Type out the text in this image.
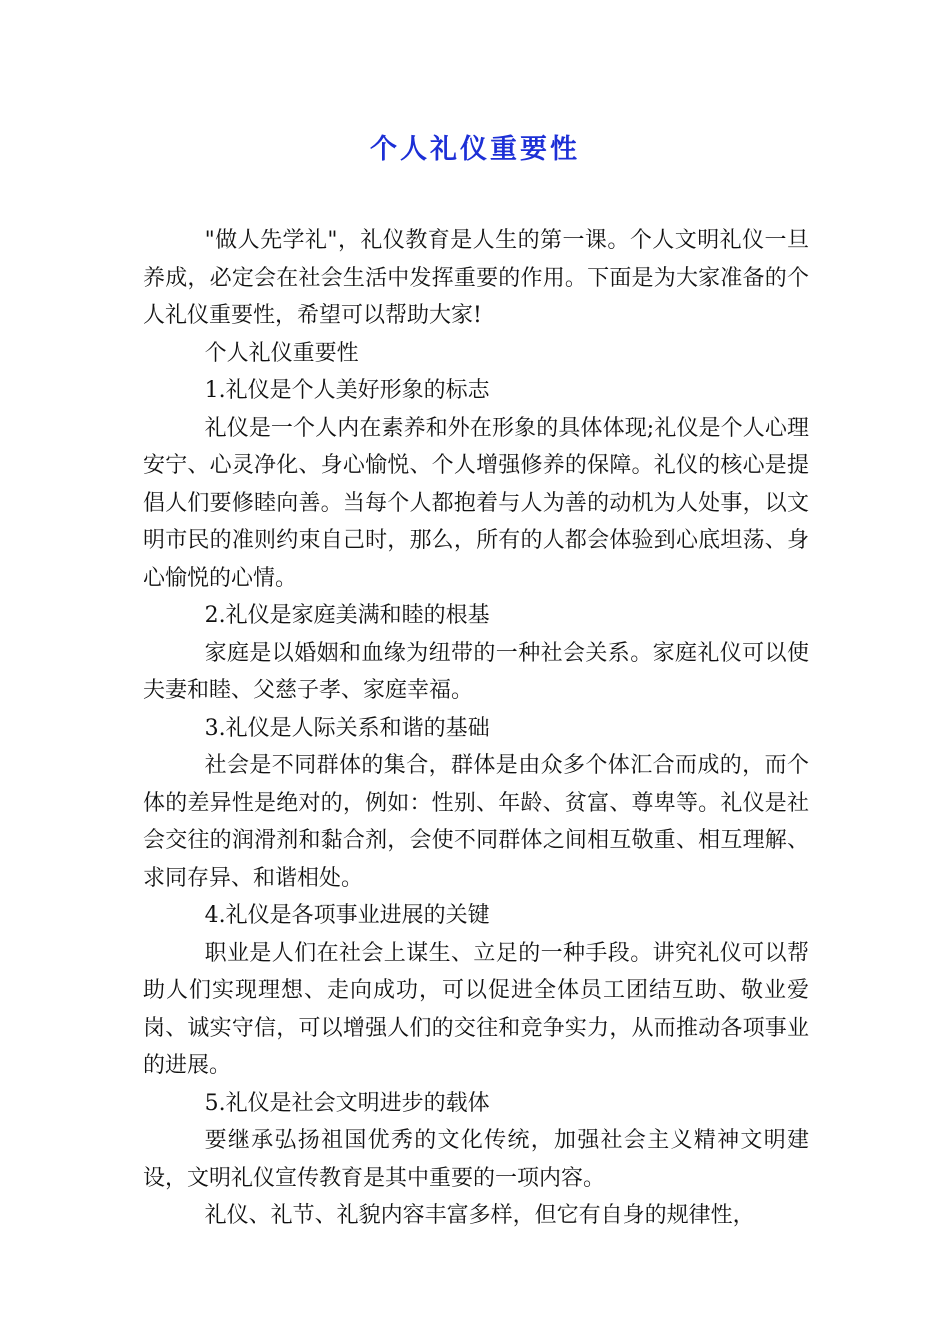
个人礼仪重要性

"做人先学礼"，礼仪教育是人生的第一课。个人文明礼仪一旦养成，必定会在社会生活中发挥重要的作用。下面是为大家准备的个人礼仪重要性，希望可以帮助大家!

个人礼仪重要性

1.礼仪是个人美好形象的标志

礼仪是一个人内在素养和外在形象的具体体现;礼仪是个人心理安宁、心灵净化、身心愉悦、个人增强修养的保障。礼仪的核心是提倡人们要修睦向善。当每个人都抱着与人为善的动机为人处事，以文明市民的准则约束自己时，那么，所有的人都会体验到心底坦荡、身心愉悦的心情。

2.礼仪是家庭美满和睦的根基

家庭是以婚姻和血缘为纽带的一种社会关系。家庭礼仪可以使夫妻和睦、父慈子孝、家庭幸福。

3.礼仪是人际关系和谐的基础

社会是不同群体的集合，群体是由众多个体汇合而成的，而个体的差异性是绝对的，例如：性别、年龄、贫富、尊卑等。礼仪是社会交往的润滑剂和黏合剂，会使不同群体之间相互敬重、相互理解、求同存异、和谐相处。

4.礼仪是各项事业进展的关键

职业是人们在社会上谋生、立足的一种手段。讲究礼仪可以帮助人们实现理想、走向成功，可以促进全体员工团结互助、敬业爱岗、诚实守信，可以增强人们的交往和竞争实力，从而推动各项事业的进展。

5.礼仪是社会文明进步的载体

要继承弘扬祖国优秀的文化传统，加强社会主义精神文明建设，文明礼仪宣传教育是其中重要的一项内容。

礼仪、礼节、礼貌内容丰富多样，但它有自身的规律性，
